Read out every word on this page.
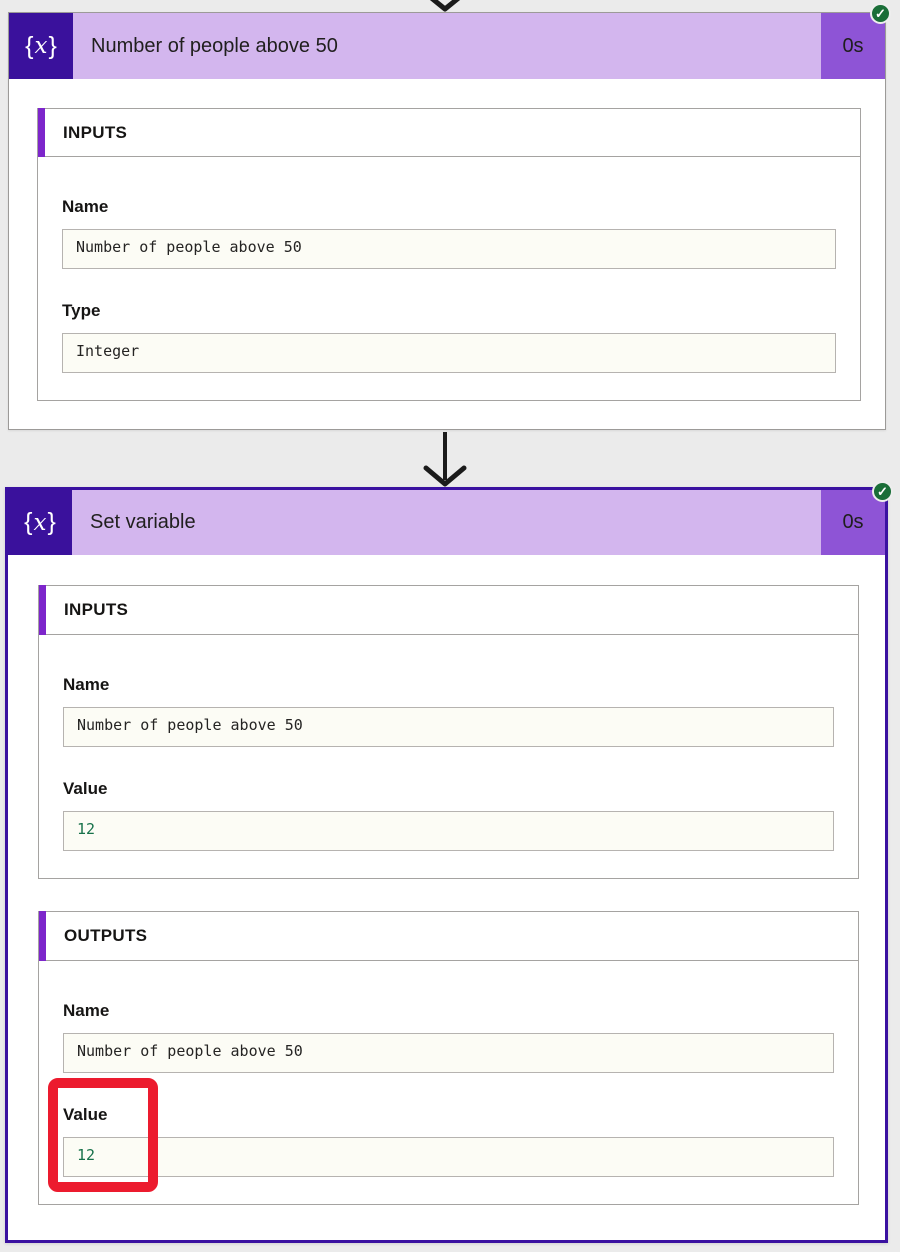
✓
{ x }	Number of people above 50	0s
INPUTS
Name
Number of people above 50
Type
Integer
✓
{ x }	Set variable	0s
INPUTS
Name
Number of people above 50
Value
12
OUTPUTS
Name
Number of people above 50
Value
12
